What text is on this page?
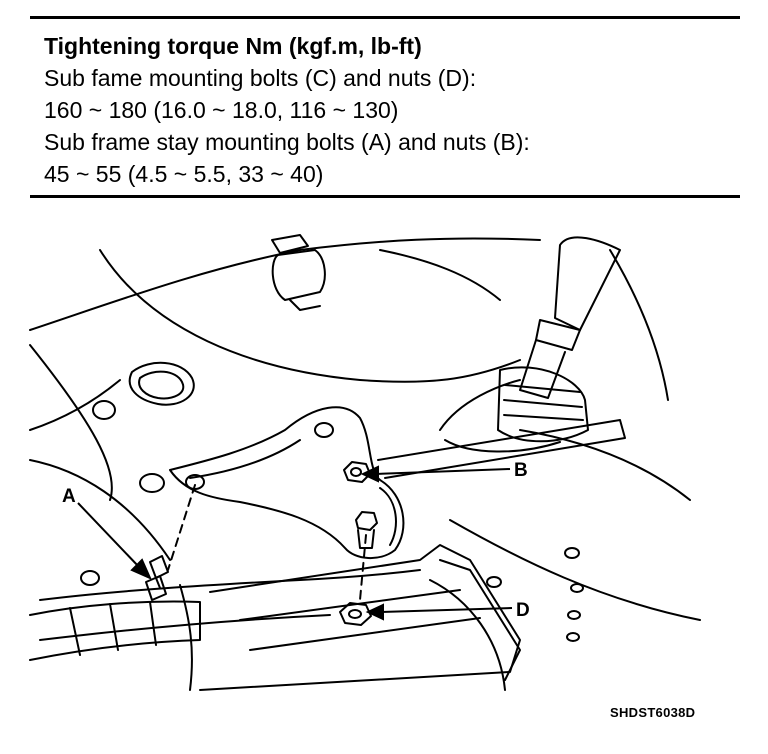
Tightening torque Nm (kgf.m, lb-ft)
Sub fame mounting bolts (C) and nuts (D):
160 ~ 180 (16.0 ~ 18.0, 116 ~ 130)
Sub frame stay mounting bolts (A) and nuts (B):
45 ~ 55 (4.5 ~ 5.5, 33 ~ 40)
A
B
D
SHDST6038D
